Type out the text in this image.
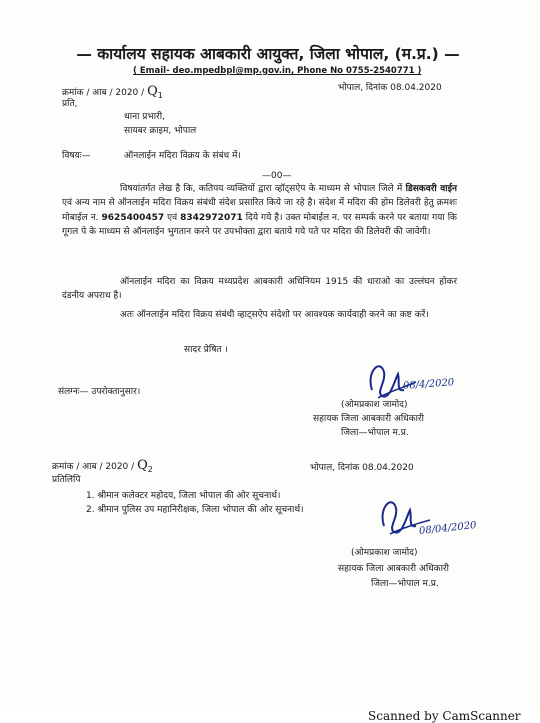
— कार्यालय सहायक आबकारी आयुक्त, जिला भोपाल, (म.प्र.) —
( Email- deo.mpedbpl@mp.gov.in, Phone No 0755-2540771 )
क्रमांक / आब / $2020 / Q_1$
भोपाल, दिनांक 08.04.2020
प्रति,
थाना प्रभारी,
सायबर क्राइम, भोपाल
विषयः—	ऑनलाईन मदिरा विक्रय के संबंध में।
—00—
विषयांतर्गत लेख है कि, कतिपय व्यक्तियों द्वारा व्हॉट्सऐप के माध्यम से भोपाल जिले में डिसकवरी वाईन एवं अन्य नाम से ऑनलाईन मदिरा विक्रय संबंधी संदेश प्रसारित किये जा रहे है। संदेश में मदिरा की होम डिलेवरी हेतु क्रमशः मोबाईल न. 9625400457 एवं 8342972071 दिये गये है। उक्त मोबाईल न. पर सम्पर्क करने पर बताया गया कि गूगल पे के माध्यम से ऑनलाईन भुगतान करने पर उपभोक्ता द्वारा बताये गये पते पर मदिरा की डिलेवरी की जावेगी।
ऑनलाईन मदिरा का विक्रय मध्यप्रदेश आबकारी अधिनियम 1915 की धाराओ का उल्लंघन होकर दंडनीय अपराध है।
अतः ऑनलाईन मदिरा विक्रय संबंधी व्हाट्सऐप संदेशो पर आवश्यक कार्यवाही करने का कष्ट करें।
सादर प्रेषित ।
संलग्नः— उपरोक्तानुसार।
08/4/2020
(ओमप्रकाश जामोद)
सहायक जिला आबकारी अधिकारी
जिला—भोपाल म.प्र.
क्रमांक / आब / $2020 / Q_2$	भोपाल, दिनांक 08.04.2020
प्रतिलिपि
1. श्रीमान कलेक्टर महोदय, जिला भोपाल की ओर सूचनार्थ।
2. श्रीमान पुलिस उप महानिरीक्षक, जिला भोपाल की ओर सूचनार्थ।
08/04/2020
(ओमप्रकाश जामोद)
सहायक जिला आबकारी अधिकारी
जिला—भोपाल म.प्र.
Scanned by CamScanner
